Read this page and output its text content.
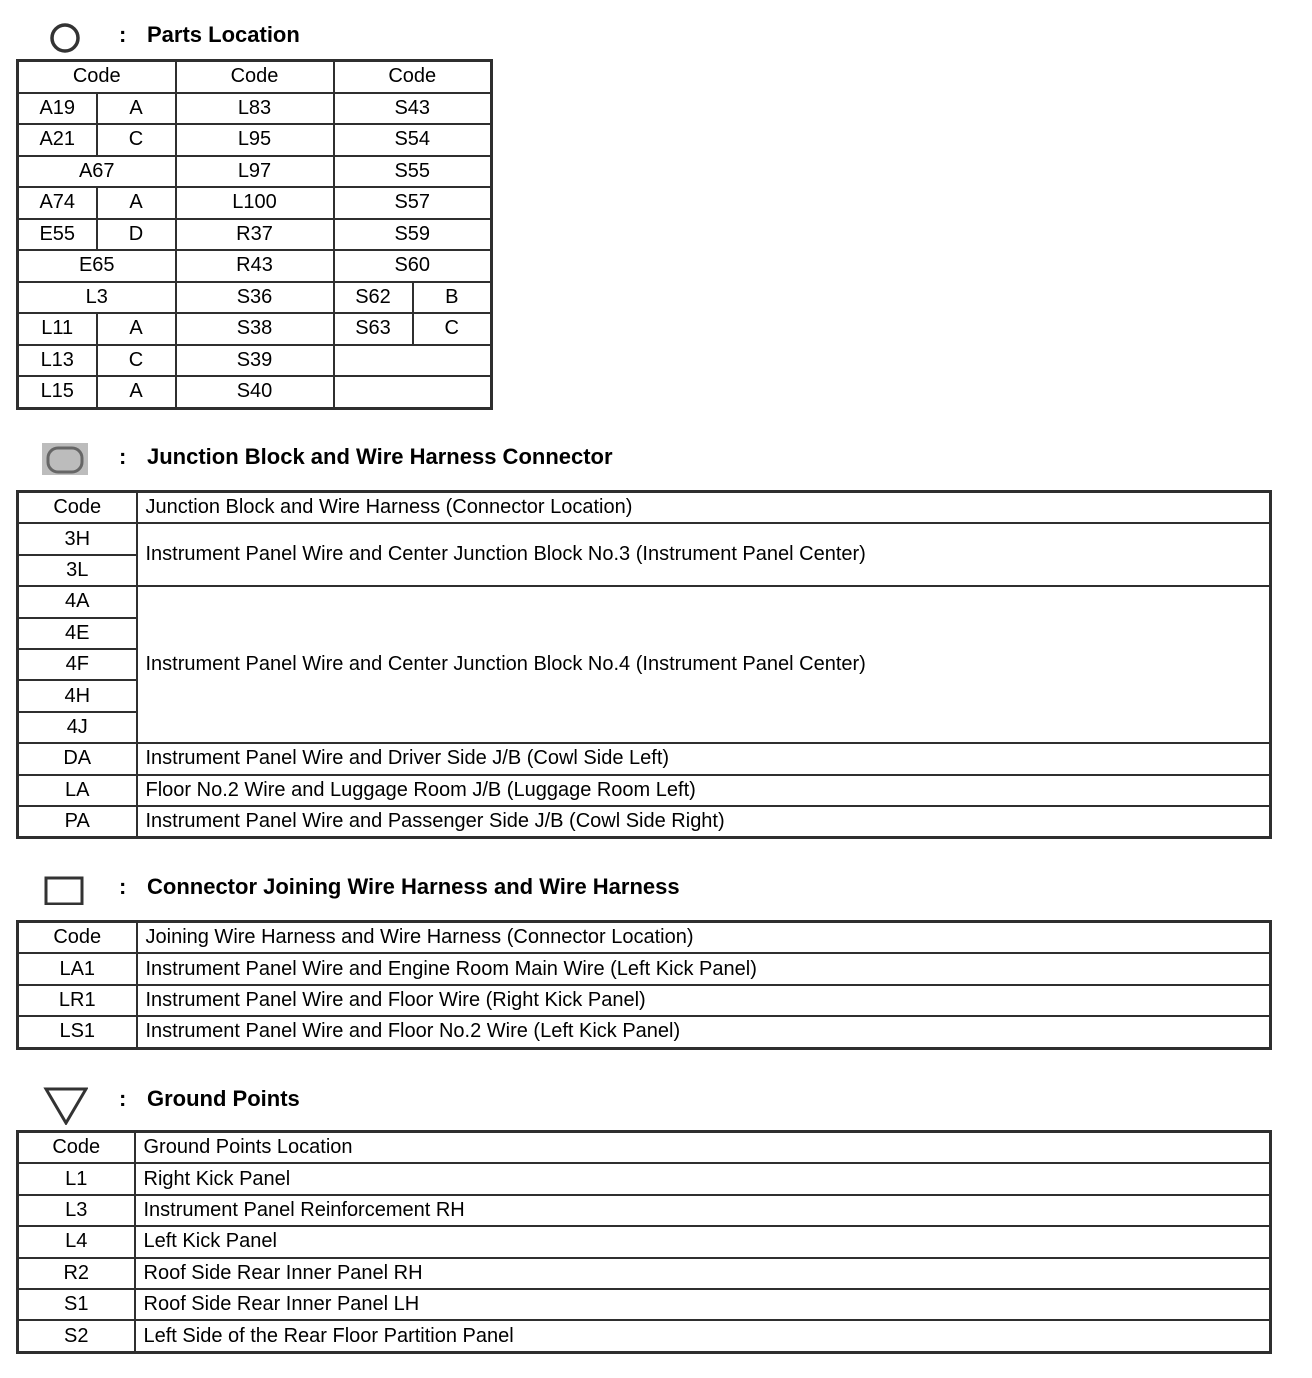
: Parts Location
Code		Code	Code	
A19	A	L83	S43	
A21	C	L95	S54	
A67		L97	S55	
A74	A	L100	S57	
E55	D	R37	S59	
E65		R43	S60	
L3		S36	S62	B
L11	A	S38	S63	C
L13	C	S39		
L15	A	S40		
: Junction Block and Wire Harness Connector
Code	Junction Block and Wire Harness (Connector Location)
3H	Instrument Panel Wire and Center Junction Block No.3 (Instrument Panel Center)
3L	
4A	Instrument Panel Wire and Center Junction Block No.4 (Instrument Panel Center)
4E	
4F	
4H	
4J	
DA	Instrument Panel Wire and Driver Side J/B (Cowl Side Left)
LA	Floor No.2 Wire and Luggage Room J/B (Luggage Room Left)
PA	Instrument Panel Wire and Passenger Side J/B (Cowl Side Right)
: Connector Joining Wire Harness and Wire Harness
Code	Joining Wire Harness and Wire Harness (Connector Location)
LA1	Instrument Panel Wire and Engine Room Main Wire (Left Kick Panel)
LR1	Instrument Panel Wire and Floor Wire (Right Kick Panel)
LS1	Instrument Panel Wire and Floor No.2 Wire (Left Kick Panel)
: Ground Points
Code	Ground Points Location
L1	Right Kick Panel
L3	Instrument Panel Reinforcement RH
L4	Left Kick Panel
R2	Roof Side Rear Inner Panel RH
S1	Roof Side Rear Inner Panel LH
S2	Left Side of the Rear Floor Partition Panel
